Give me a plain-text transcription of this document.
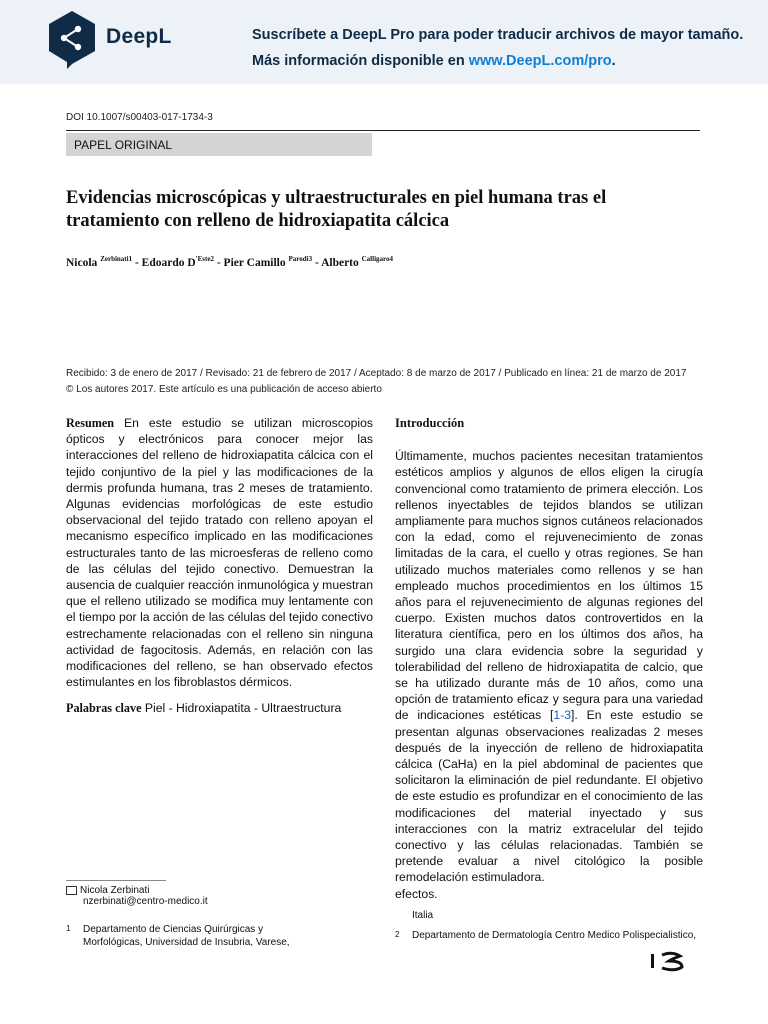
DeepL	Suscríbete a DeepL Pro para poder traducir archivos de mayor tamaño.
Más información disponible en www.DeepL.com/pro.
DOI 10.1007/s00403-017-1734-3
PAPEL ORIGINAL
Evidencias microscópicas y ultraestructurales en piel humana tras el tratamiento con relleno de hidroxiapatita cálcica
Nicola $^{Zerbinati1}$ - Edoardo $D^{'Este2}$ - Pier Camillo $^{Parodi3}$ - Alberto $^{Calligaro4}$
Recibido: 3 de enero de 2017 / Revisado: 21 de febrero de 2017 / Aceptado: 8 de marzo de 2017 / Publicado en línea: 21 de marzo de 2017
© Los autores 2017. Este artículo es una publicación de acceso abierto

Resumen En este estudio se utilizan microscopios ópticos y electrónicos para conocer mejor las interacciones del relleno de hidroxiapatita cálcica con el tejido conjuntivo de la piel y las modificaciones de la dermis profunda humana, tras 2 meses de tratamiento. Algunas evidencias morfológicas de este estudio observacional del tejido tratado con relleno apoyan el mecanismo específico implicado en las modificaciones estructurales tanto de las microesferas de relleno como de las células del tejido conectivo. Demuestran la ausencia de cualquier reacción inmunológica y muestran que el relleno utilizado se modifica muy lentamente con el tiempo por la acción de las células del tejido conectivo estrechamente relacionadas con el relleno sin ninguna actividad de fagocitosis. Además, en relación con las modificaciones del relleno, se han observado efectos estimulantes en los fibroblastos dérmicos.

Palabras clave Piel - Hidroxiapatita - Ultraestructura

Introducción

Últimamente, muchos pacientes necesitan tratamientos estéticos amplios y algunos de ellos eligen la cirugía convencional como tratamiento de primera elección. Los rellenos inyectables de tejidos blandos se utilizan ampliamente para muchos signos cutáneos relacionados con la edad, como el rejuvenecimiento de zonas limitadas de la cara, el cuello y otras regiones. Se han utilizado muchos materiales como rellenos y se han empleado muchos procedimientos en los últimos 15 años para el rejuvenecimiento de algunas regiones del cuerpo. Existen muchos datos controvertidos en la literatura científica, pero en los últimos dos años, ha surgido una clara evidencia sobre la seguridad y tolerabilidad del relleno de hidroxiapatita de calcio, que se ha utilizado durante más de 10 años, como una opción de tratamiento eficaz y segura para una variedad de indicaciones estéticas [1-3]. En este estudio se presentan algunas observaciones realizadas 2 meses después de la inyección de relleno de hidroxiapatita cálcica (CaHa) en la piel abdominal de pacientes que solicitaron la eliminación de piel redundante. El objetivo de este estudio es profundizar en el conocimiento de las modificaciones del material inyectado y sus interacciones con la matriz extracelular del tejido conectivo y las células relacionadas. También se pretende evaluar a nivel citológico la posible remodelación estimuladora.

efectos.

Nicola Zerbinati
nzerbinati@centro-medico.it
1 Departamento de Ciencias Quirúrgicas y Morfológicas, Universidad de Insubria, Varese,
Italia
2 Departamento de Dermatología Centro Medico Polispecialistico,
